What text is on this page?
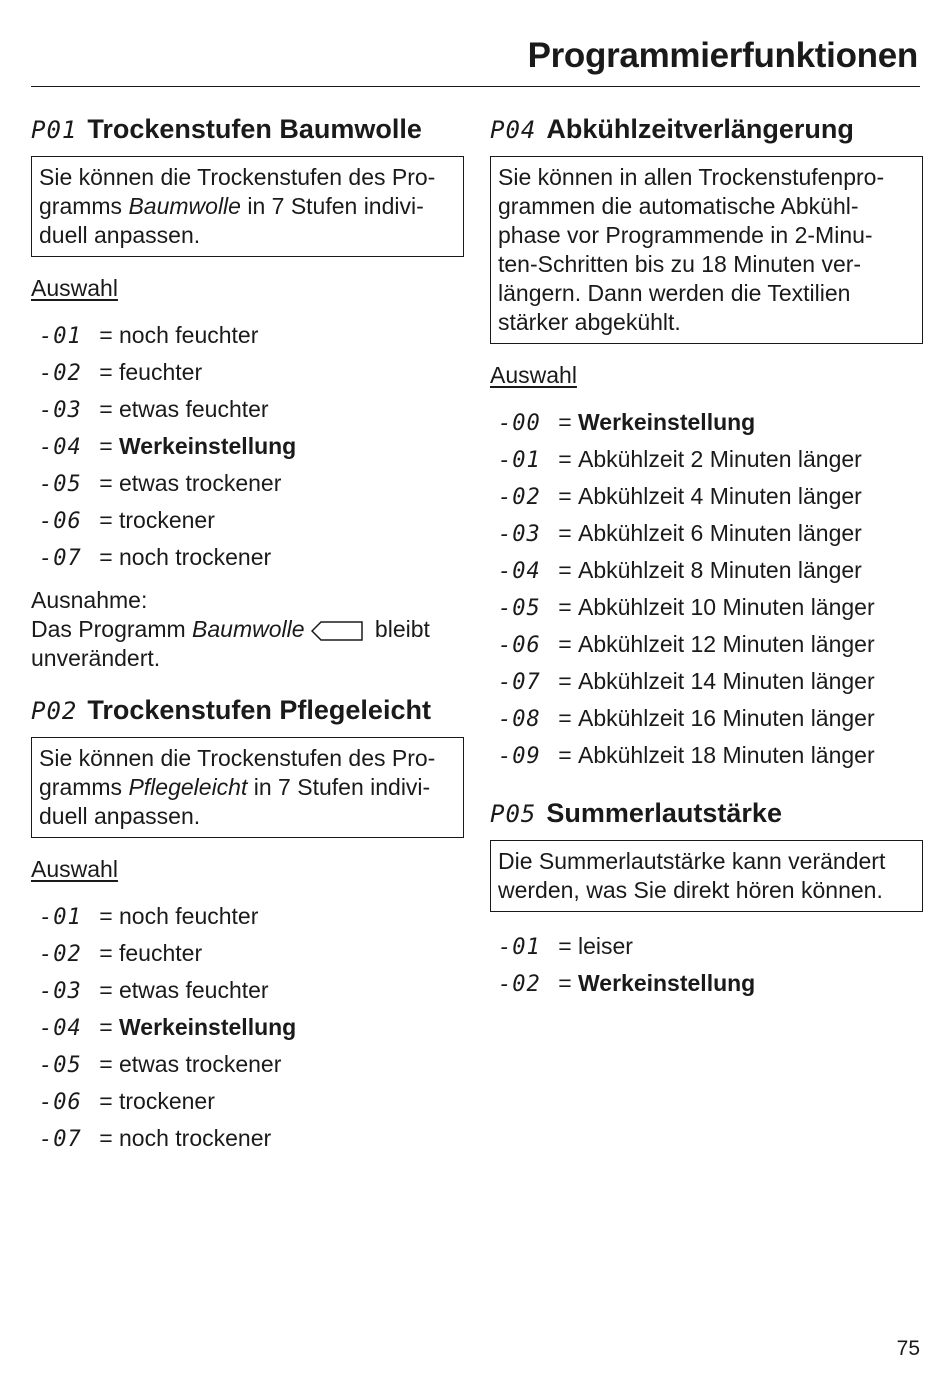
Programmierfunktionen
P01 Trockenstufen Baumwolle
Sie können die Trockenstufen des Pro-
gramms Baumwolle in 7 Stufen indivi-
duell anpassen.
Auswahl
-01 = noch feuchter
-02 = feuchter
-03 = etwas feuchter
-04 = Werkeinstellung
-05 = etwas trockener
-06 = trockener
-07 = noch trockener
Ausnahme:
Das Programm Baumwolle	bleibt
unverändert.
P02 Trockenstufen Pflegeleicht
Sie können die Trockenstufen des Pro-
gramms Pflegeleicht in 7 Stufen indivi-
duell anpassen.
Auswahl
-01 = noch feuchter
-02 = feuchter
-03 = etwas feuchter
-04 = Werkeinstellung
-05 = etwas trockener
-06 = trockener
-07 = noch trockener
P04 Abkühlzeitverlängerung
Sie können in allen Trockenstufenpro-
grammen die automatische Abkühl-
phase vor Programmende in 2-Minu-
ten-Schritten bis zu 18 Minuten ver-
längern. Dann werden die Textilien
stärker abgekühlt.
Auswahl
-00 = Werkeinstellung
-01 = Abkühlzeit 2 Minuten länger
-02 = Abkühlzeit 4 Minuten länger
-03 = Abkühlzeit 6 Minuten länger
-04 = Abkühlzeit 8 Minuten länger
-05 = Abkühlzeit 10 Minuten länger
-06 = Abkühlzeit 12 Minuten länger
-07 = Abkühlzeit 14 Minuten länger
-08 = Abkühlzeit 16 Minuten länger
-09 = Abkühlzeit 18 Minuten länger
P05 Summerlautstärke
Die Summerlautstärke kann verändert
werden, was Sie direkt hören können.
-01 = leiser
-02 = Werkeinstellung
75
